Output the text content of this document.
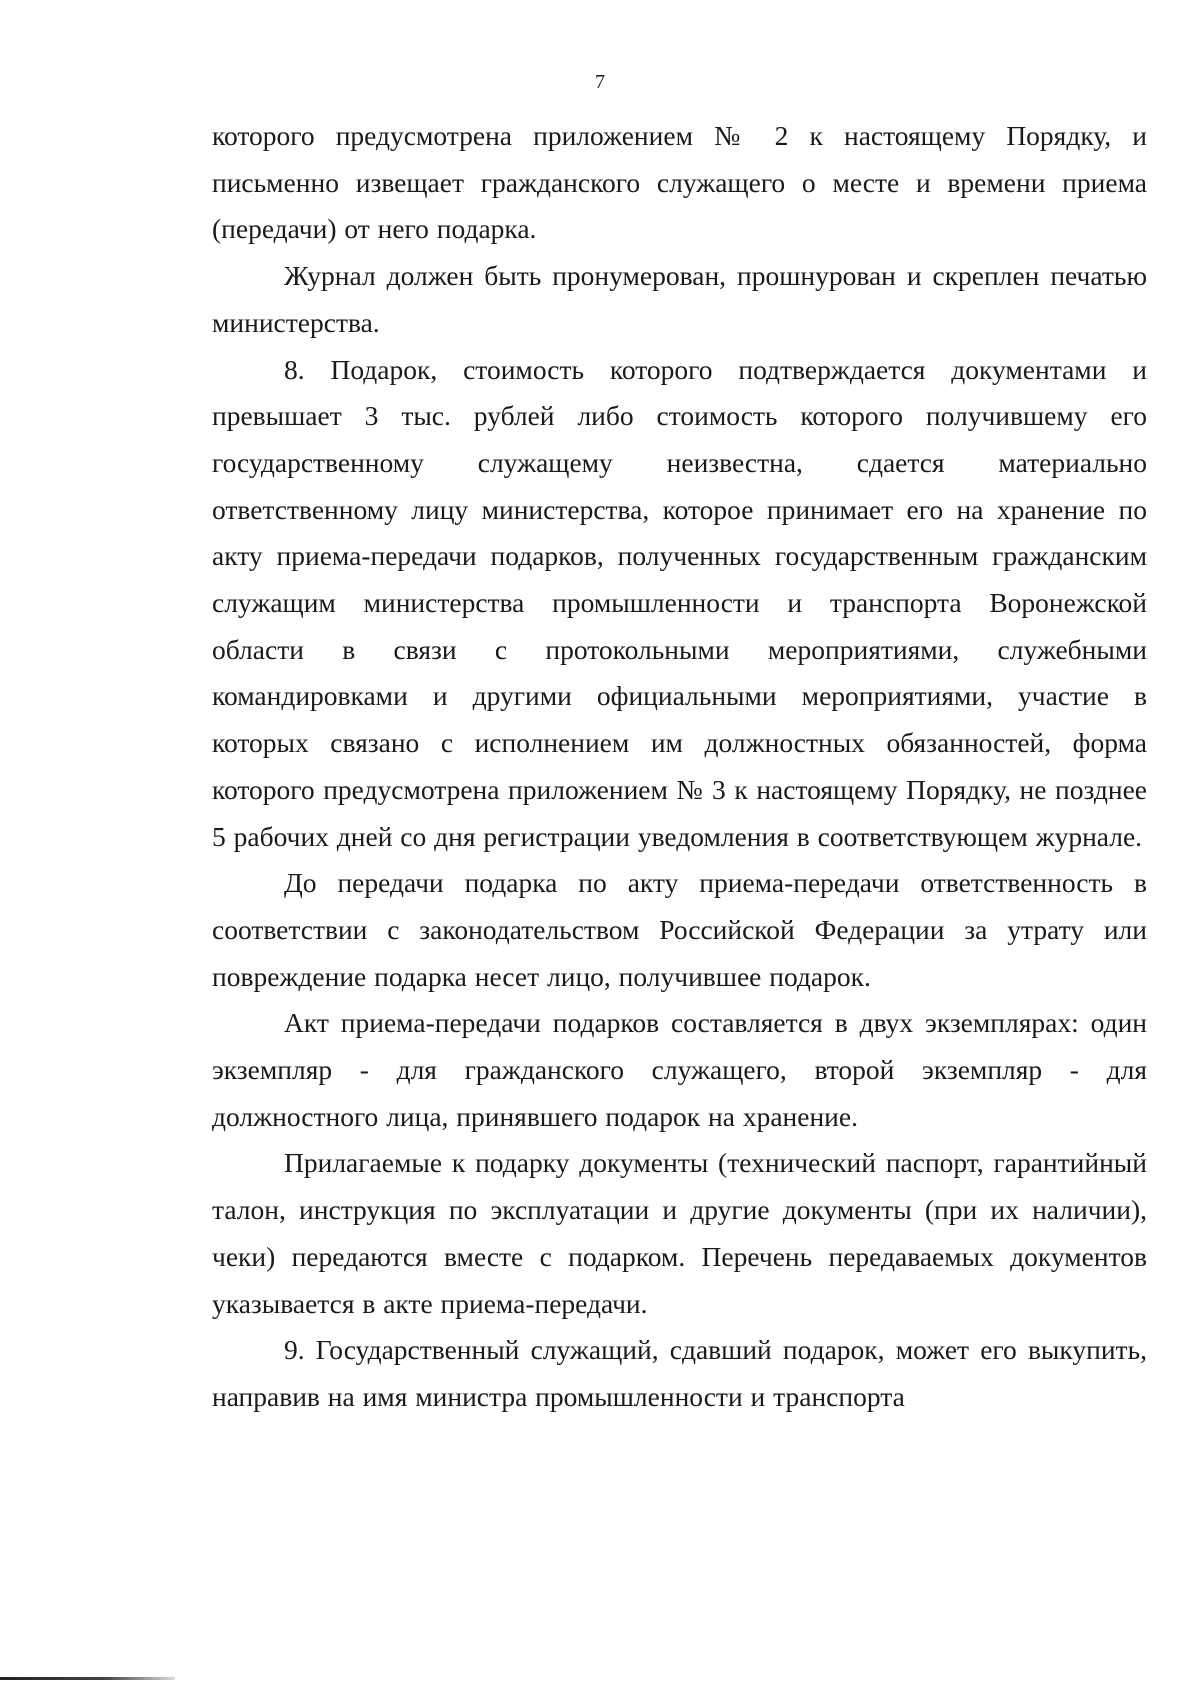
7

которого предусмотрена приложением № 2 к настоящему Порядку, и письменно извещает гражданского служащего о месте и времени приема (передачи) от него подарка.

Журнал должен быть пронумерован, прошнурован и скреплен печатью министерства.

8. Подарок, стоимость которого подтверждается документами и превышает 3 тыс. рублей либо стоимость которого получившему его государственному служащему неизвестна, сдается материально ответственному лицу министерства, которое принимает его на хранение по акту приема-передачи подарков, полученных государственным гражданским служащим министерства промышленности и транспорта Воронежской области в связи с протокольными мероприятиями, служебными командировками и другими официальными мероприятиями, участие в которых связано с исполнением им должностных обязанностей, форма которого предусмотрена приложением № 3 к настоящему Порядку, не позднее 5 рабочих дней со дня регистрации уведомления в соответствующем журнале.

До передачи подарка по акту приема-передачи ответственность в соответствии с законодательством Российской Федерации за утрату или повреждение подарка несет лицо, получившее подарок.

Акт приема-передачи подарков составляется в двух экземплярах: один экземпляр - для гражданского служащего, второй экземпляр - для должностного лица, принявшего подарок на хранение.

Прилагаемые к подарку документы (технический паспорт, гарантийный талон, инструкция по эксплуатации и другие документы (при их наличии), чеки) передаются вместе с подарком. Перечень передаваемых документов указывается в акте приема-передачи.

9. Государственный служащий, сдавший подарок, может его выкупить, направив на имя министра промышленности и транспорта
